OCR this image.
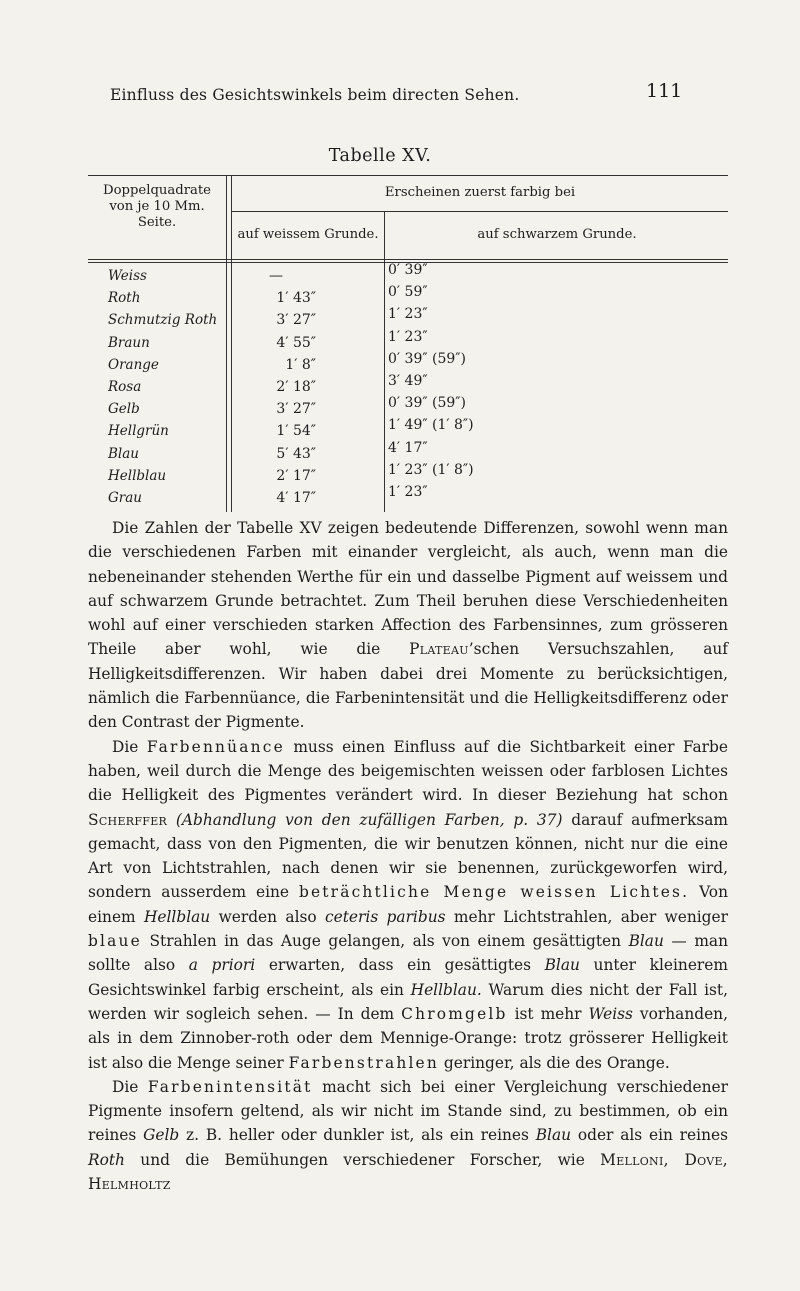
Einfluss des Gesichtswinkels beim directen Sehen.	111
Tabelle XV.
Doppelquadrate
von je 10 Mm.
Seite.
Erscheinen zuerst farbig bei
auf weissem Grunde.	auf schwarzem Grunde.
Weiss
Roth
Schmutzig Roth
Braun
Orange
Rosa
Gelb
Hellgrün
Blau
Hellblau
Grau
—
1′ 43″
3′ 27″
4′ 55″
1′ 8″
2′ 18″
3′ 27″
1′ 54″
5′ 43″
2′ 17″
4′ 17″
0′ 39″
0′ 59″
1′ 23″
1′ 23″
0′ 39″ (59″)
3′ 49″
0′ 39″ (59″)
1′ 49″ (1′ 8″)
4′ 17″
1′ 23″ (1′ 8″)
1′ 23″

Die Zahlen der Tabelle XV zeigen bedeutende Differenzen, sowohl wenn man die verschiedenen Farben mit einander vergleicht, als auch, wenn man die nebeneinander stehenden Werthe für ein und dasselbe Pigment auf weissem und auf schwarzem Grunde betrachtet. Zum Theil beruhen diese Verschiedenheiten wohl auf einer verschieden starken Affection des Farbensinnes, zum grösseren Theile aber wohl, wie die Plateau’schen Versuchszahlen, auf Helligkeitsdifferenzen. Wir haben dabei drei Momente zu berücksichtigen, nämlich die Farbennüance, die Farbenintensität und die Helligkeitsdifferenz oder den Contrast der Pigmente.

Die Farbennüance muss einen Einfluss auf die Sichtbarkeit einer Farbe haben, weil durch die Menge des beigemischten weissen oder farblosen Lichtes die Helligkeit des Pigmentes verändert wird. In dieser Beziehung hat schon Scherffer (Abhandlung von den zufälligen Farben, p. 37) darauf aufmerksam gemacht, dass von den Pigmenten, die wir benutzen können, nicht nur die eine Art von Lichtstrahlen, nach denen wir sie benennen, zurückgeworfen wird, sondern ausserdem eine beträchtliche Menge weissen Lichtes. Von einem Hellblau werden also ceteris paribus mehr Lichtstrahlen, aber weniger blaue Strahlen in das Auge gelangen, als von einem gesättigten Blau — man sollte also a priori erwarten, dass ein gesättigtes Blau unter kleinerem Gesichtswinkel farbig erscheint, als ein Hellblau. Warum dies nicht der Fall ist, werden wir sogleich sehen. — In dem Chromgelb ist mehr Weiss vorhanden, als in dem Zinnober-roth oder dem Mennige-Orange: trotz grösserer Helligkeit ist also die Menge seiner Farbenstrahlen geringer, als die des Orange.

Die Farbenintensität macht sich bei einer Vergleichung verschiedener Pigmente insofern geltend, als wir nicht im Stande sind, zu bestimmen, ob ein reines Gelb z. B. heller oder dunkler ist, als ein reines Blau oder als ein reines Roth und die Bemühungen verschiedener Forscher, wie Melloni, Dove, Helmholtz
